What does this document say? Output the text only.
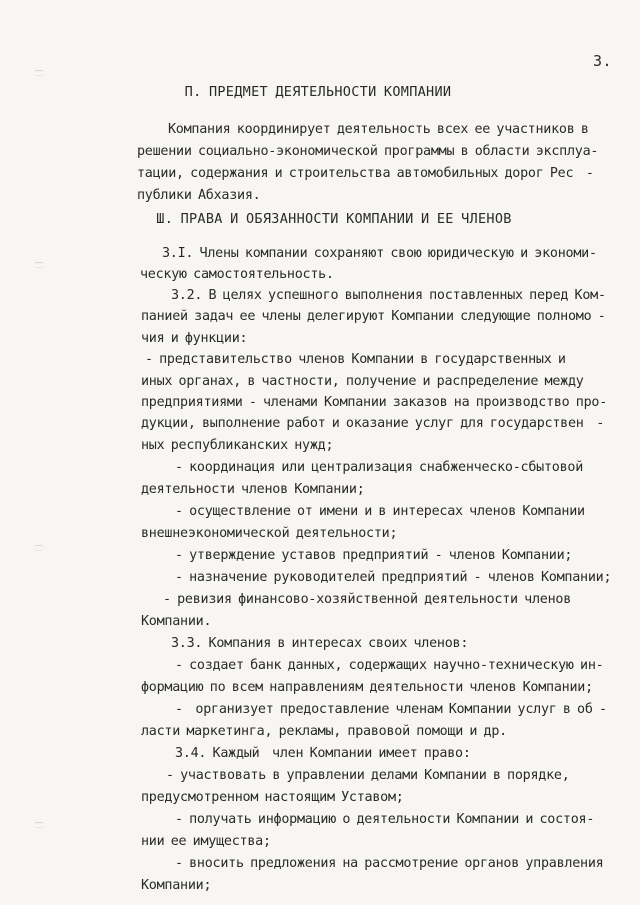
3.
П. ПРЕДМЕТ ДЕЯТЕЛЬНОСТИ КОМПАНИИ
Компания координирует деятельность всех ее участников в
решении социально-экономической программы в области эксплуа-
тации, содержания и строительства автомобильных дорог Рес  -
публики Абхазия.
Ш. ПРАВА И ОБЯЗАННОСТИ КОМПАНИИ И ЕЕ ЧЛЕНОВ
3.I. Члены компании сохраняют свою юридическую и экономи-
ческую самостоятельность.
3.2. В целях успешного выполнения поставленных перед Ком-
панией задач ее члены делегируют Компании следующие полномо -
чия и функции:
- представительство членов Компании в государственных и
иных органах, в частности, получение и распределение между
предприятиями - членами Компании заказов на производство про-
дукции, выполнение работ и оказание услуг для государствен  -
ных республиканских нужд;
- координация или централизация снабженческо-сбытовой
деятельности членов Компании;
- осуществление от имени и в интересах членов Компании
внешнеэкономической деятельности;
- утверждение уставов предприятий - членов Компании;
- назначение руководителей предприятий - членов Компании;
- ревизия финансово-хозяйственной деятельности членов
Компании.
3.3. Компания в интересах своих членов:
- создает банк данных, содержащих научно-техническую ин-
формацию по всем направлениям деятельности членов Компании;
-  организует предоставление членам Компании услуг в об -
ласти маркетинга, рекламы, правовой помощи и др.
3.4. Каждый  член Компании имеет право:
- участвовать в управлении делами Компании в порядке,
предусмотренном настоящим Уставом;
- получать информацию о деятельности Компании и состоя-
нии ее имущества;
- вносить предложения на рассмотрение органов управления
Компании;
